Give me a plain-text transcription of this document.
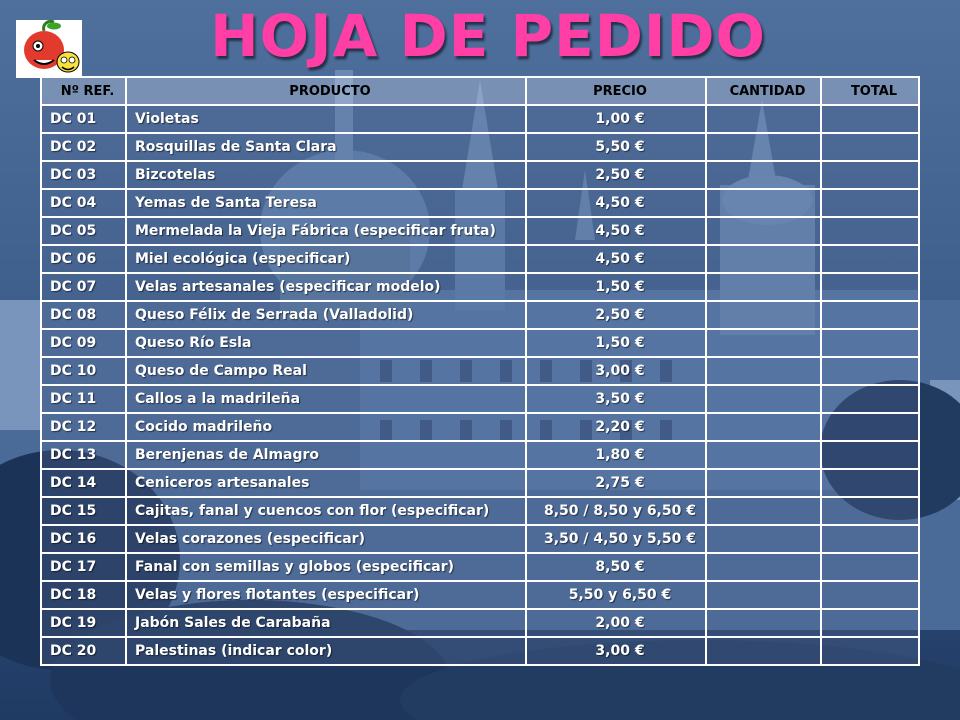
HOJA DE PEDIDO
Nº REF.	PRODUCTO	PRECIO	CANTIDAD	TOTAL
DC 01	Violetas	1,00 €		
DC 02	Rosquillas de Santa Clara	5,50 €		
DC 03	Bizcotelas	2,50 €		
DC 04	Yemas de Santa Teresa	4,50 €		
DC 05	Mermelada la Vieja Fábrica (especificar fruta)	4,50 €		
DC 06	Miel ecológica (especificar)	4,50 €		
DC 07	Velas artesanales (especificar modelo)	1,50 €		
DC 08	Queso Félix de Serrada (Valladolid)	2,50 €		
DC 09	Queso Río Esla	1,50 €		
DC 10	Queso de Campo Real	3,00 €		
DC 11	Callos a la madrileña	3,50 €		
DC 12	Cocido madrileño	2,20 €		
DC 13	Berenjenas de Almagro	1,80 €		
DC 14	Ceniceros artesanales	2,75 €		
DC 15	Cajitas, fanal y cuencos con flor (especificar)	8,50 / 8,50 y 6,50 €		
DC 16	Velas corazones (especificar)	3,50 / 4,50 y 5,50 €		
DC 17	Fanal con semillas y globos (especificar)	8,50 €		
DC 18	Velas y flores flotantes (especificar)	5,50 y 6,50 €		
DC 19	Jabón Sales de Carabaña	2,00 €		
DC 20	Palestinas (indicar color)	3,00 €		
